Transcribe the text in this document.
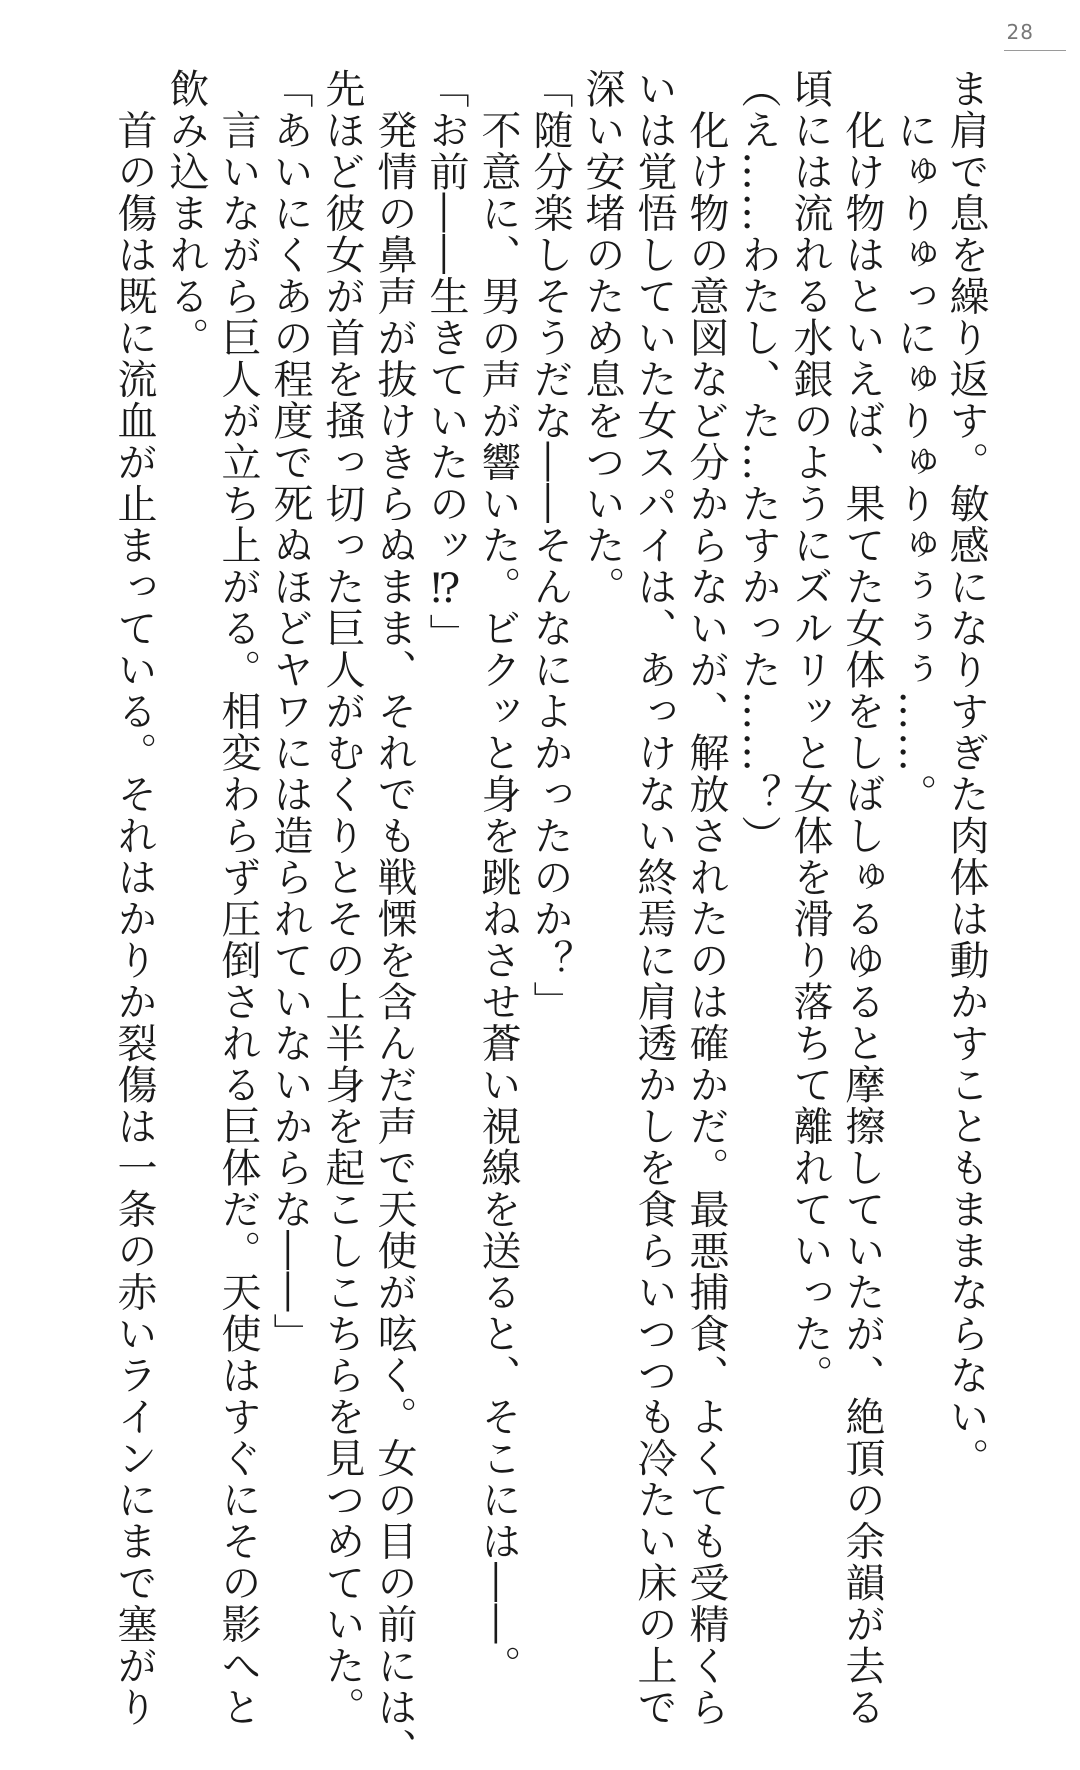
28

ま肩で息を繰り返す。敏感になりすぎた肉体は動かすこともままならない。

　にゅりゅっにゅりゅりゅぅぅぅ……。

　化け物はといえば、果てた女体をしばしゅるゆると摩擦していたが、絶頂の余韻が去る

頃には流れる水銀のようにズルリッと女体を滑り落ちて離れていった。

（え……わたし、た…たすかった……？）

　化け物の意図など分からないが、解放されたのは確かだ。最悪捕食、よくても受精くら

いは覚悟していた女スパイは、あっけない終焉に肩透かしを食らいつつも冷たい床の上で

深い安堵のため息をついた。

「随分楽しそうだな――そんなによかったのか？」

　不意に、男の声が響いた。ビクッと身を跳ねさせ蒼い視線を送ると、そこには――。

「お前――生きていたのッ⁉」

　発情の鼻声が抜けきらぬまま、それでも戦慄を含んだ声で天使が呟く。女の目の前には、

先ほど彼女が首を掻っ切った巨人がむくりとその上半身を起こしこちらを見つめていた。

「あいにくあの程度で死ぬほどヤワには造られていないからな――」

　言いながら巨人が立ち上がる。相変わらず圧倒される巨体だ。天使はすぐにその影へと

飲み込まれる。

　首の傷は既に流血が止まっている。それはかりか裂傷は一条の赤いラインにまで塞がり
